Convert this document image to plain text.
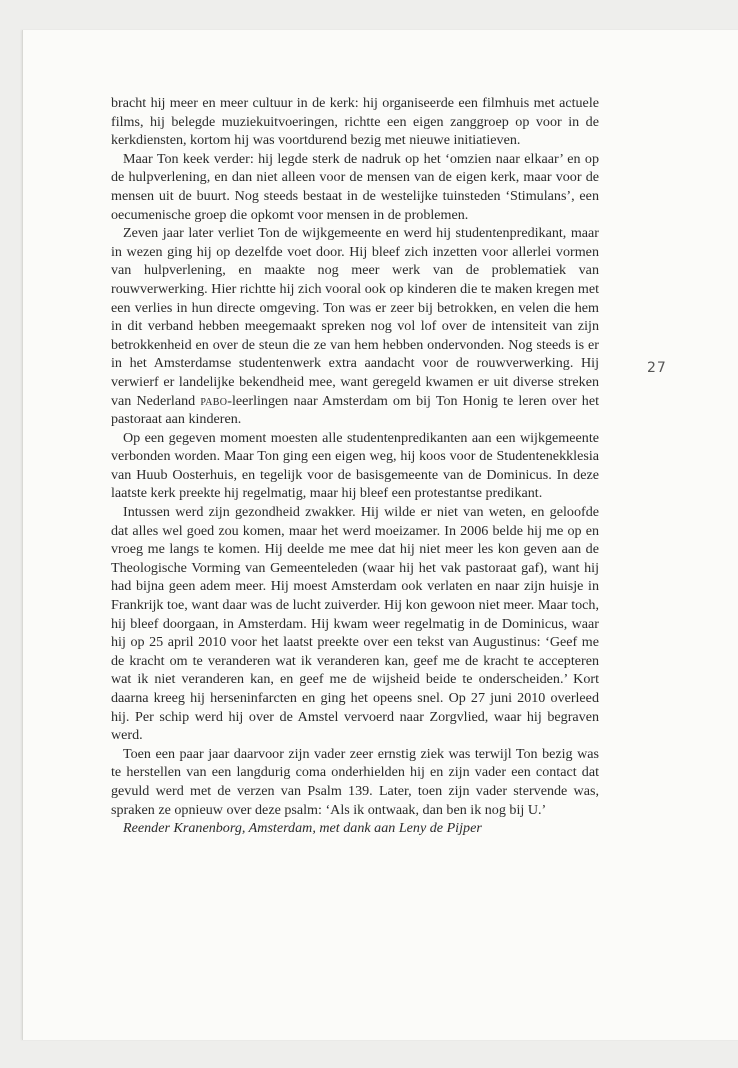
bracht hij meer en meer cultuur in de kerk: hij organiseerde een filmhuis met actuele films, hij belegde muziekuitvoeringen, richtte een eigen zanggroep op voor in de kerkdiensten, kortom hij was voortdurend bezig met nieuwe initiatieven.

Maar Ton keek verder: hij legde sterk de nadruk op het ‘omzien naar elkaar’ en op de hulpverlening, en dan niet alleen voor de mensen van de eigen kerk, maar voor de mensen uit de buurt. Nog steeds bestaat in de westelijke tuinsteden ‘Stimulans’, een oecumenische groep die opkomt voor mensen in de problemen.

Zeven jaar later verliet Ton de wijkgemeente en werd hij studentenpredikant, maar in wezen ging hij op dezelfde voet door. Hij bleef zich inzetten voor allerlei vormen van hulpverlening, en maakte nog meer werk van de problematiek van rouwverwerking. Hier richtte hij zich vooral ook op kinderen die te maken kregen met een verlies in hun directe omgeving. Ton was er zeer bij betrokken, en velen die hem in dit verband hebben meegemaakt spreken nog vol lof over de intensiteit van zijn betrokkenheid en over de steun die ze van hem hebben ondervonden. Nog steeds is er in het Amsterdamse studentenwerk extra aandacht voor de rouwverwerking. Hij verwierf er landelijke bekendheid mee, want geregeld kwamen er uit diverse streken van Nederland pabo-leerlingen naar Amsterdam om bij Ton Honig te leren over het pastoraat aan kinderen.

Op een gegeven moment moesten alle studentenpredikanten aan een wijkgemeente verbonden worden. Maar Ton ging een eigen weg, hij koos voor de Studentenekklesia van Huub Oosterhuis, en tegelijk voor de basisgemeente van de Dominicus. In deze laatste kerk preekte hij regelmatig, maar hij bleef een protestantse predikant.

Intussen werd zijn gezondheid zwakker. Hij wilde er niet van weten, en geloofde dat alles wel goed zou komen, maar het werd moeizamer. In 2006 belde hij me op en vroeg me langs te komen. Hij deelde me mee dat hij niet meer les kon geven aan de Theologische Vorming van Gemeenteleden (waar hij het vak pastoraat gaf), want hij had bijna geen adem meer. Hij moest Amsterdam ook verlaten en naar zijn huisje in Frankrijk toe, want daar was de lucht zuiverder. Hij kon gewoon niet meer. Maar toch, hij bleef doorgaan, in Amsterdam. Hij kwam weer regelmatig in de Dominicus, waar hij op 25 april 2010 voor het laatst preekte over een tekst van Augustinus: ‘Geef me de kracht om te veranderen wat ik veranderen kan, geef me de kracht te accepteren wat ik niet veranderen kan, en geef me de wijsheid beide te onderscheiden.’ Kort daarna kreeg hij herseninfarcten en ging het opeens snel. Op 27 juni 2010 overleed hij. Per schip werd hij over de Amstel vervoerd naar Zorgvlied, waar hij begraven werd.

Toen een paar jaar daarvoor zijn vader zeer ernstig ziek was terwijl Ton bezig was te herstellen van een langdurig coma onderhielden hij en zijn vader een contact dat gevuld werd met de verzen van Psalm 139. Later, toen zijn vader stervende was, spraken ze opnieuw over deze psalm: ‘Als ik ontwaak, dan ben ik nog bij U.’

Reender Kranenborg, Amsterdam, met dank aan Leny de Pijper

27
